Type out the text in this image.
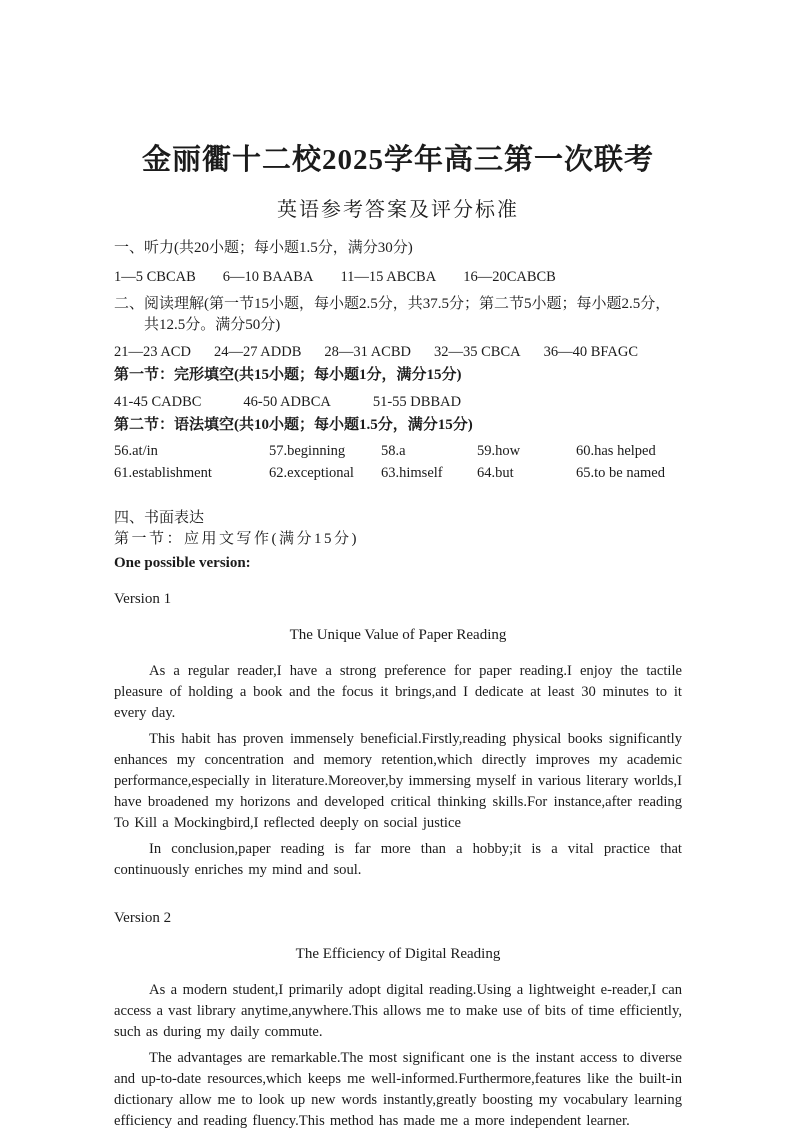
金丽衢十二校2025学年高三第一次联考
英语参考答案及评分标准

一、听力(共20小题；每小题1.5分，满分30分)

1—5 CBCAB 6—10 BAABA 11—15 ABCBA 16—20CABCB

二、阅读理解(第一节15小题，每小题2.5分，共37.5分；第二节5小题；每小题2.5分，
共12.5分。满分50分)

21—23 ACD 24—27 ADDB 28—31 ACBD 32—35 CBCA 36—40 BFAGC

第一节：完形填空(共15小题；每小题1分，满分15分)

41-45 CADBC	46-50 ADBCA	51-55 DBBAD

第二节：语法填空(共10小题；每小题1.5分，满分15分)

56.at/in	57.beginning	58.a	59.how	60.has helped
61.establishment	62.exceptional	63.himself	64.but	65.to be named

四、书面表达

第一节：应用文写作(满分15分)

One possible version:

Version 1

The Unique Value of Paper Reading

As a regular reader,I have a strong preference for paper reading.I enjoy the tactile pleasure of holding a book and the focus it brings,and I dedicate at least 30 minutes to it every day.

This habit has proven immensely beneficial.Firstly,reading physical books significantly enhances my concentration and memory retention,which directly improves my academic performance,especially in literature.Moreover,by immersing myself in various literary worlds,I have broadened my horizons and developed critical thinking skills.For instance,after reading To Kill a Mockingbird,I reflected deeply on social justice

In conclusion,paper reading is far more than a hobby;it is a vital practice that continuously enriches my mind and soul.

Version 2

The Efficiency of Digital Reading

As a modern student,I primarily adopt digital reading.Using a lightweight e-reader,I can access a vast library anytime,anywhere.This allows me to make use of bits of time efficiently, such as during my daily commute.

The advantages are remarkable.The most significant one is the instant access to diverse and up-to-date resources,which keeps me well-informed.Furthermore,features like the built-in dictionary allow me to look up new words instantly,greatly boosting my vocabulary learning efficiency and reading fluency.This method has made me a more independent learner.
